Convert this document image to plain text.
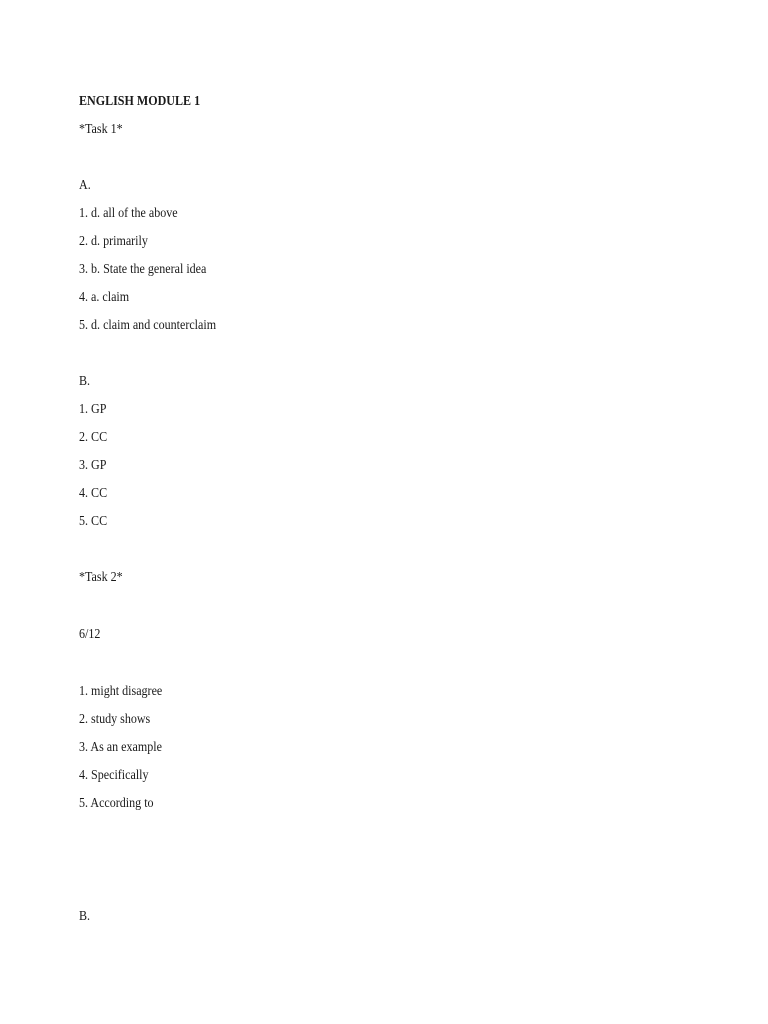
ENGLISH MODULE 1
*Task 1*
A.
1. d. all of the above
2. d. primarily
3. b. State the general idea
4. a. claim
5. d. claim and counterclaim
B.
1. GP
2. CC
3. GP
4. CC
5. CC
*Task 2*
6/12
1. might disagree
2. study shows
3. As an example
4. Specifically
5. According to
B.
